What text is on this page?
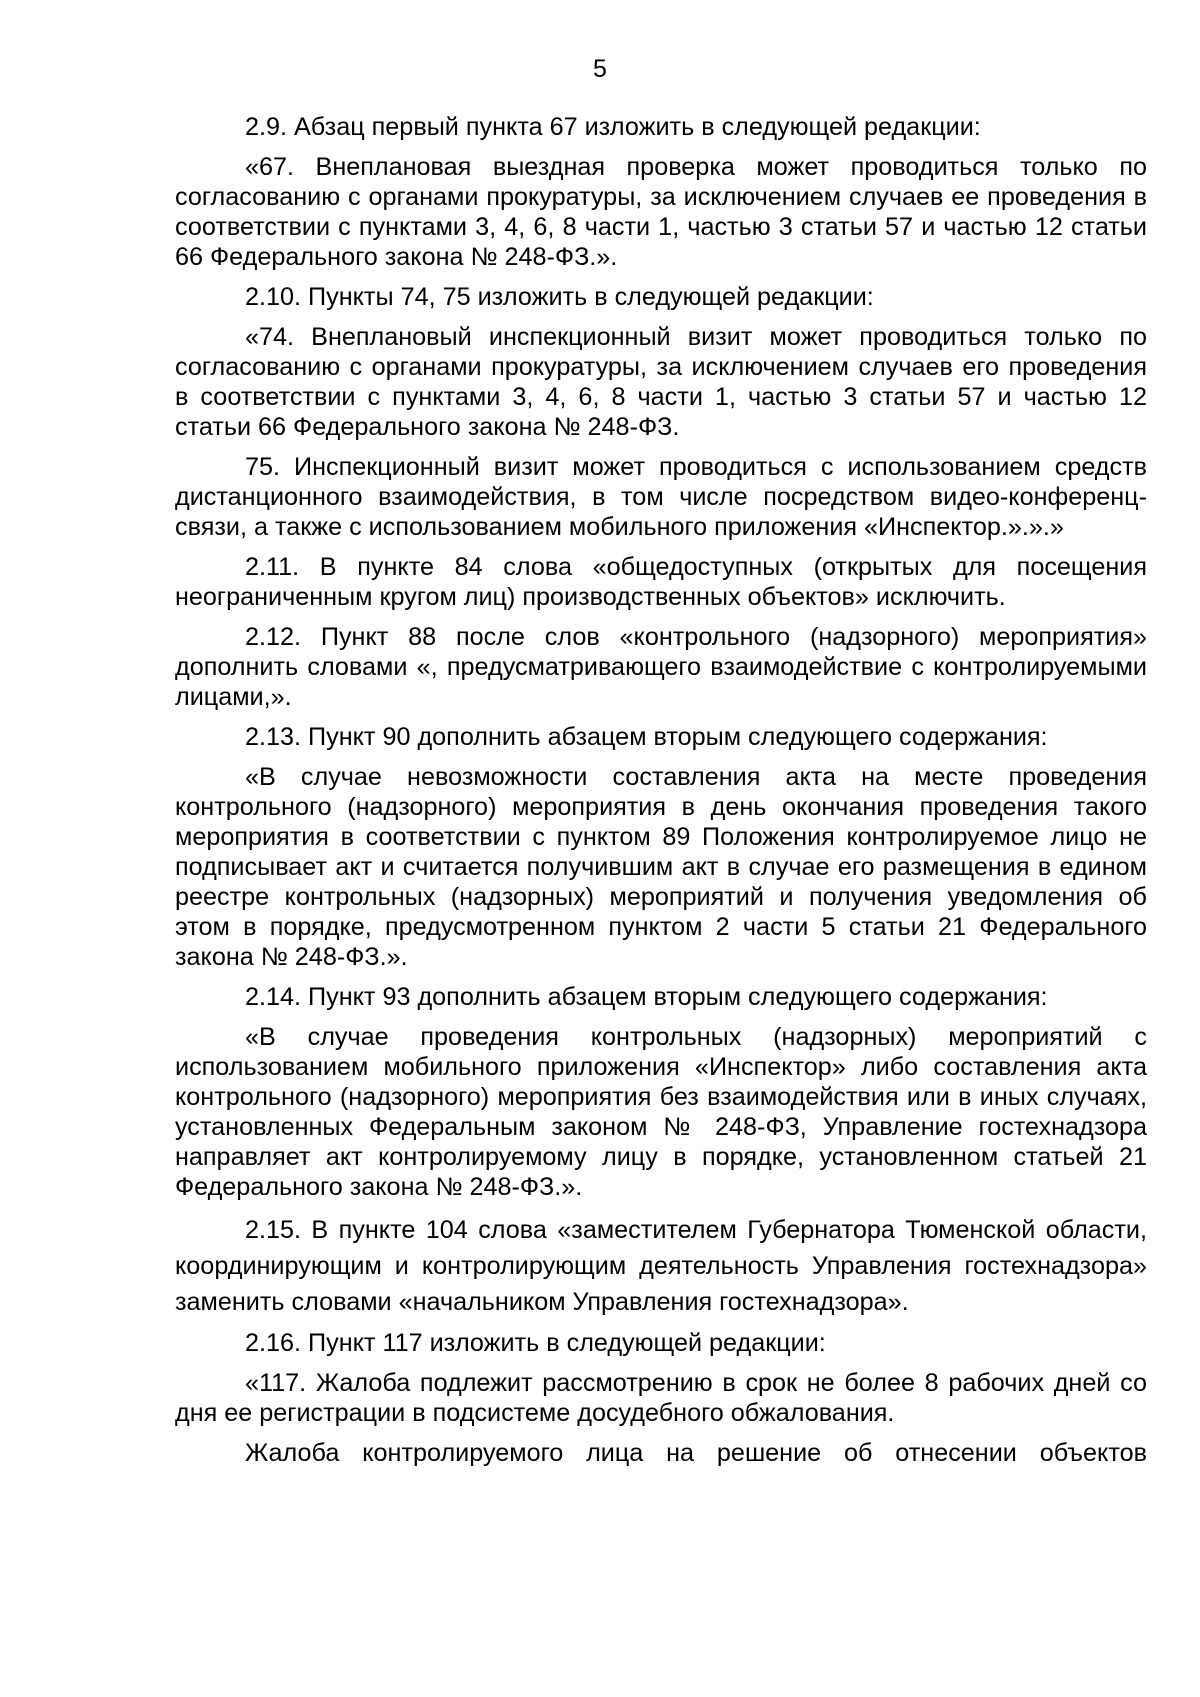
5

2.9. Абзац первый пункта 67 изложить в следующей редакции:

«67. Внеплановая выездная проверка может проводиться только по согласованию с органами прокуратуры, за исключением случаев ее проведения в соответствии с пунктами 3, 4, 6, 8 части 1, частью 3 статьи 57 и частью 12 статьи 66 Федерального закона № 248-ФЗ.».

2.10. Пункты 74, 75 изложить в следующей редакции:

«74. Внеплановый инспекционный визит может проводиться только по согласованию с органами прокуратуры, за исключением случаев его проведения в соответствии с пунктами 3, 4, 6, 8 части 1, частью 3 статьи 57 и частью 12 статьи 66 Федерального закона № 248-ФЗ.

75. Инспекционный визит может проводиться с использованием средств дистанционного взаимодействия, в том числе посредством видео-конференц-связи, а также с использованием мобильного приложения «Инспектор.».».»

2.11. В пункте 84 слова «общедоступных (открытых для посещения неограниченным кругом лиц) производственных объектов» исключить.

2.12. Пункт 88 после слов «контрольного (надзорного) мероприятия» дополнить словами «, предусматривающего взаимодействие с контролируемыми лицами,».

2.13. Пункт 90 дополнить абзацем вторым следующего содержания:

«В случае невозможности составления акта на месте проведения контрольного (надзорного) мероприятия в день окончания проведения такого мероприятия в соответствии с пунктом 89 Положения контролируемое лицо не подписывает акт и считается получившим акт в случае его размещения в едином реестре контрольных (надзорных) мероприятий и получения уведомления об этом в порядке, предусмотренном пунктом 2 части 5 статьи 21 Федерального закона № 248-ФЗ.».

2.14. Пункт 93 дополнить абзацем вторым следующего содержания:

«В случае проведения контрольных (надзорных) мероприятий с использованием мобильного приложения «Инспектор» либо составления акта контрольного (надзорного) мероприятия без взаимодействия или в иных случаях, установленных Федеральным законом № 248-ФЗ, Управление гостехнадзора направляет акт контролируемому лицу в порядке, установленном статьей 21 Федерального закона № 248-ФЗ.».

2.15. В пункте 104 слова «заместителем Губернатора Тюменской области, координирующим и контролирующим деятельность Управления гостехнадзора» заменить словами «начальником Управления гостехнадзора».

2.16. Пункт 117 изложить в следующей редакции:

«117. Жалоба подлежит рассмотрению в срок не более 8 рабочих дней со дня ее регистрации в подсистеме досудебного обжалования.

Жалоба контролируемого лица на решение об отнесении объектов
